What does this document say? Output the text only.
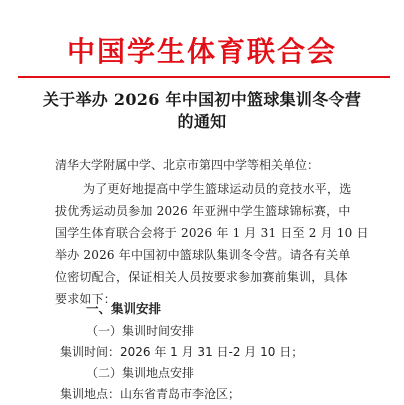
中国学生体育联合会
关于举办 2026 年中国初中篮球集训冬令营
的通知
清华大学附属中学、北京市第四中学等相关单位：
为了更好地提高中学生篮球运动员的竞技水平，选
拔优秀运动员参加 2026 年亚洲中学生篮球锦标赛，中
国学生体育联合会将于 2026 年 1 月 31 日至 2 月 10 日
举办 2026 年中国初中篮球队集训冬令营。请各有关单
位密切配合，保证相关人员按要求参加赛前集训，具体
要求如下：
一、集训安排
（一）集训时间安排
集训时间：2026 年 1 月 31 日-2 月 10 日；
（二）集训地点安排
集训地点：山东省青岛市李沧区；
